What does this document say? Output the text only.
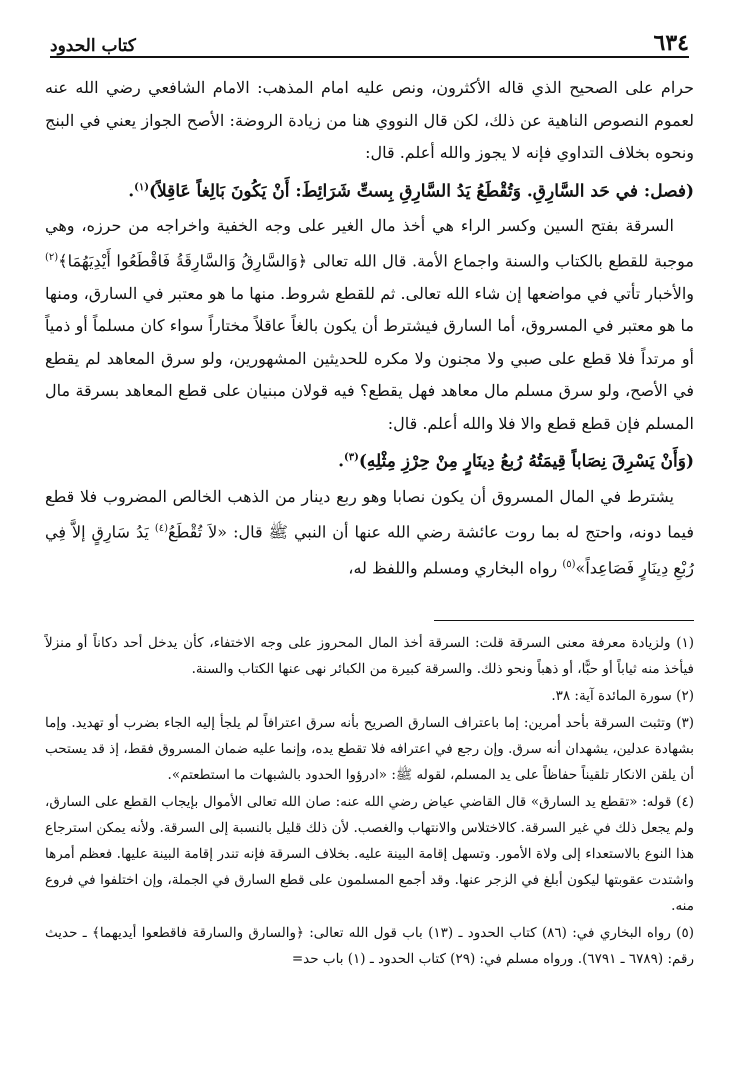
٦٣٤
كتاب الحدود

حرام على الصحيح الذي قاله الأكثرون، ونص عليه امام المذهب: الامام الشافعي رضي الله عنه لعموم النصوص الناهية عن ذلك، لكن قال النووي هنا من زيادة الروضة: الأصح الجواز يعني في البنج ونحوه بخلاف التداوي فإنه لا يجوز والله أعلم. قال:

(فصل: في حَد السَّارِقِ. وَتُقْطَعُ يَدُ السَّارِقِ بِستِّ شَرَائِطَ: أَنْ يَكُونَ بَالِغاً عَاقِلاً)$^{(١)}$.

السرقة بفتح السين وكسر الراء هي أخذ مال الغير على وجه الخفية واخراجه من حرزه، وهي موجبة للقطع بالكتاب والسنة واجماع الأمة. قال الله تعالى ﴿وَالسَّارِقُ وَالسَّارِقَةُ فَاقْطَعُوا أَيْدِيَهُمَا﴾$^{(٢)}$ والأخبار تأتي في مواضعها إن شاء الله تعالى. ثم للقطع شروط. منها ما هو معتبر في السارق، ومنها ما هو معتبر في المسروق، أما السارق فيشترط أن يكون بالغاً عاقلاً مختاراً سواء كان مسلماً أو ذمياً أو مرتداً فلا قطع على صبي ولا مجنون ولا مكره للحديثين المشهورين، ولو سرق المعاهد لم يقطع في الأصح، ولو سرق مسلم مال معاهد فهل يقطع؟ فيه قولان مبنيان على قطع المعاهد بسرقة مال المسلم فإن قطع قطع والا فلا والله أعلم. قال:

(وَأَنْ يَسْرِقَ نِصَاباً قِيمَتُهُ رُبعُ دِينَارٍ مِنْ حِرْزِ مِثْلِهِ)$^{(٣)}$.

يشترط في المال المسروق أن يكون نصابا وهو ربع دينار من الذهب الخالص المضروب فلا قطع فيما دونه، واحتج له بما روت عائشة رضي الله عنها أن النبي ﷺ قال: «لاَ تُقْطَعُ$^{(٤)}$ يَدُ سَارِقٍ إلاَّ فِي رُبْعِ دِينَارٍ فَصَاعِداً»$^{(٥)}$ رواه البخاري ومسلم واللفظ له،

(١) ولزيادة معرفة معنى السرقة قلت: السرقة أخذ المال المحروز على وجه الاختفاء، كأن يدخل أحد دكاناً أو منزلاً فيأخذ منه ثياباً أو حبًّا، أو ذهباً ونحو ذلك. والسرقة كبيرة من الكبائر نهى عنها الكتاب والسنة.

(٢) سورة المائدة آية: ٣٨.

(٣) وتثبت السرقة بأحد أمرين: إما باعتراف السارق الصريح بأنه سرق اعترافاً لم يلجأ إليه الجاء بضرب أو تهديد. وإما بشهادة عدلين، يشهدان أنه سرق. وإن رجع في اعترافه فلا تقطع يده، وإنما عليه ضمان المسروق فقط، إذ قد يستحب أن يلقن الانكار تلقيناً حفاظاً على يد المسلم، لقوله ﷺ: «ادرؤوا الحدود بالشبهات ما استطعتم».

(٤) قوله: «تقطع يد السارق» قال القاضي عياض رضي الله عنه: صان الله تعالى الأموال بإيجاب القطع على السارق، ولم يجعل ذلك في غير السرقة. كالاختلاس والانتهاب والغصب. لأن ذلك قليل بالنسبة إلى السرقة. ولأنه يمكن استرجاع هذا النوع بالاستعداء إلى ولاة الأمور. وتسهل إقامة البينة عليه. بخلاف السرقة فإنه تندر إقامة البينة عليها. فعظم أمرها واشتدت عقوبتها ليكون أبلغ في الزجر عنها. وقد أجمع المسلمون على قطع السارق في الجملة، وإن اختلفوا في فروع منه.

(٥) رواه البخاري في: (٨٦) كتاب الحدود ـ (١٣) باب قول الله تعالى: ﴿والسارق والسارقة فاقطعوا أيديهما﴾ ـ حديث رقم: (٦٧٨٩ ـ ٦٧٩١). ورواه مسلم في: (٢٩) كتاب الحدود ـ (١) باب حد=
